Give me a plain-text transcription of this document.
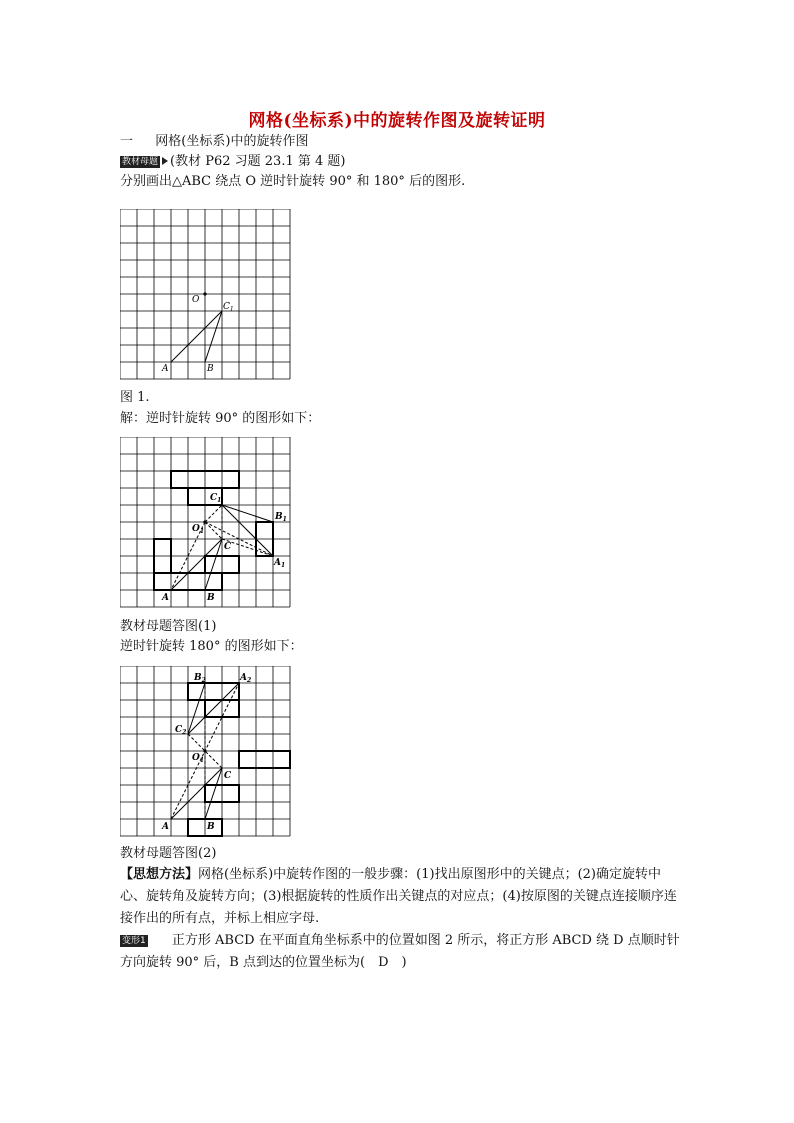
网格(坐标系)中的旋转作图及旋转证明
一 网格(坐标系)中的旋转作图
教材母题 (教材 P62 习题 23.1 第 4 题)
分别画出△ABC 绕点 O 逆时针旋转 90° 和 180° 后的图形.
O
$C_1$
A	B
图 1.
解：逆时针旋转 90° 的图形如下：
$C_1$
$B_1$
$O_1$
C
$A_1$
A	B
教材母题答图(1)
逆时针旋转 180° 的图形如下：
$B_2$	$A_2$
$C_2$
$O_1$
C
A	B
教材母题答图(2)
【思想方法】网格(坐标系)中旋转作图的一般步骤：(1)找出原图形中的关键点；(2)确定旋转中心、旋转角及旋转方向；(3)根据旋转的性质作出关键点的对应点；(4)按原图的关键点连接顺序连接作出的所有点，并标上相应字母.
变形1 正方形 ABCD 在平面直角坐标系中的位置如图 2 所示，将正方形 ABCD 绕 D 点顺时针方向旋转 90° 后，B 点到达的位置坐标为(　D　)
